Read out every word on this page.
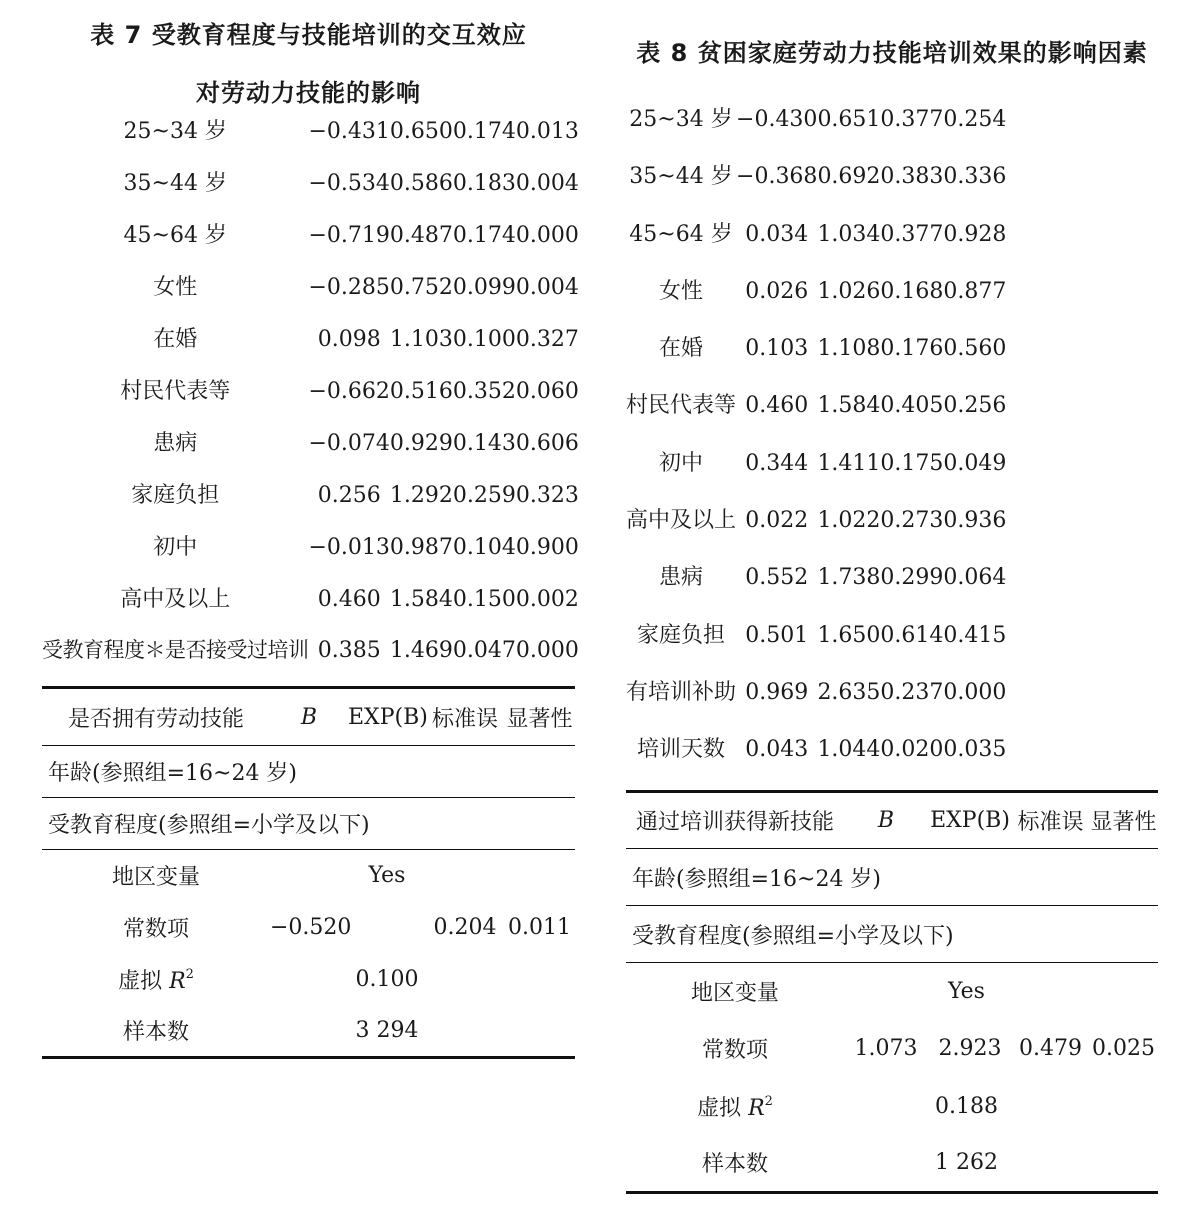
表 7 受教育程度与技能培训的交互效应
对劳动力技能的影响
25~34 岁	−0.431	0.650	0.174	0.013
35~44 岁	−0.534	0.586	0.183	0.004
45~64 岁	−0.719	0.487	0.174	0.000
女性	−0.285	0.752	0.099	0.004
在婚	0.098	1.103	0.100	0.327
村民代表等	−0.662	0.516	0.352	0.060
患病	−0.074	0.929	0.143	0.606
家庭负担	0.256	1.292	0.259	0.323
初中	−0.013	0.987	0.104	0.900
高中及以上	0.460	1.584	0.150	0.002
受教育程度＊是否接受过培训	0.385	1.469	0.047	0.000
是否拥有劳动技能	B	EXP(B)	标准误	显著性
年龄(参照组=16~24 岁)				
受教育程度(参照组=小学及以下)				
地区变量	Yes			
常数项	−0.520		0.204	0.011
虚拟 $R^2$	0.100			
样本数	3 294			
表 8 贫困家庭劳动力技能培训效果的影响因素
25~34 岁	−0.430	0.651	0.377	0.254
35~44 岁	−0.368	0.692	0.383	0.336
45~64 岁	0.034	1.034	0.377	0.928
女性	0.026	1.026	0.168	0.877
在婚	0.103	1.108	0.176	0.560
村民代表等	0.460	1.584	0.405	0.256
初中	0.344	1.411	0.175	0.049
高中及以上	0.022	1.022	0.273	0.936
患病	0.552	1.738	0.299	0.064
家庭负担	0.501	1.650	0.614	0.415
有培训补助	0.969	2.635	0.237	0.000
培训天数	0.043	1.044	0.020	0.035
通过培训获得新技能	B	EXP(B)	标准误	显著性
年龄(参照组=16~24 岁)				
受教育程度(参照组=小学及以下)				
地区变量	Yes			
常数项	1.073	2.923	0.479	0.025
虚拟 $R^2$	0.188			
样本数	1 262			
